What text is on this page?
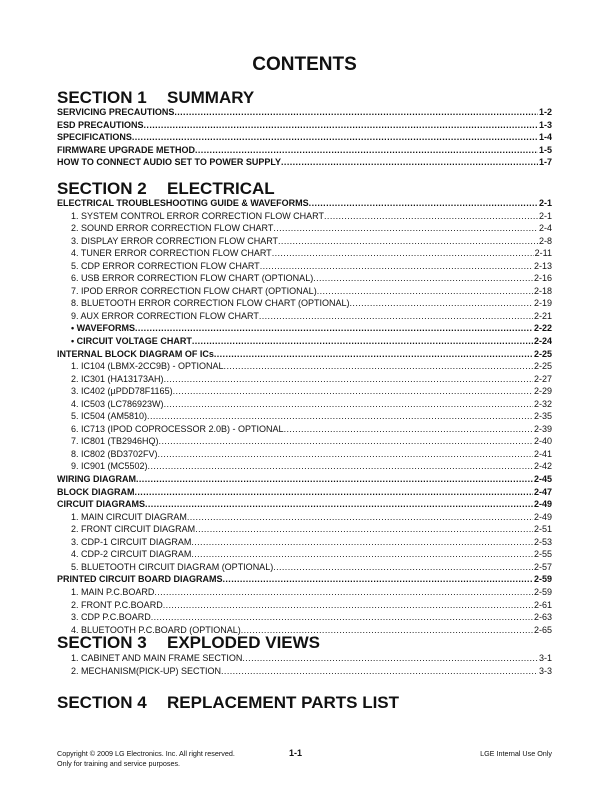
CONTENTS
SECTION 1 SUMMARY
SERVICING PRECAUTIONS .....	1-2
ESD PRECAUTIONS .....	1-3
SPECIFICATIONS .....	1-4
FIRMWARE UPGRADE METHOD .....	1-5
HOW TO CONNECT AUDIO SET TO POWER SUPPLY .....	1-7
SECTION 2 ELECTRICAL
ELECTRICAL TROUBLESHOOTING GUIDE & WAVEFORMS .....	2-1
1. SYSTEM CONTROL ERROR CORRECTION FLOW CHART .....	2-1
2. SOUND ERROR CORRECTION FLOW CHART .....	2-4
3. DISPLAY ERROR CORRECTION FLOW CHART .....	2-8
4. TUNER ERROR CORRECTION FLOW CHART .....	2-11
5. CDP ERROR CORRECTION FLOW CHART .....	2-13
6. USB ERROR CORRECTION FLOW CHART (OPTIONAL) .....	2-16
7. IPOD ERROR CORRECTION FLOW CHART (OPTIONAL) .....	2-18
8. BLUETOOTH ERROR CORRECTION FLOW CHART (OPTIONAL) .....	2-19
9. AUX ERROR CORRECTION FLOW CHART .....	2-21
• WAVEFORMS .....	2-22
• CIRCUIT VOLTAGE CHART .....	2-24
INTERNAL BLOCK DIAGRAM OF ICs .....	2-25
1. IC104 (LBMX-2CC9B) - OPTIONAL .....	2-25
2. IC301 (HA13173AH) .....	2-27
3. IC402 (µPDD78F1165) .....	2-29
4. IC503 (LC786923W) .....	2-32
5. IC504 (AM5810) .....	2-35
6. IC713 (IPOD COPROCESSOR 2.0B) - OPTIONAL .....	2-39
7. IC801 (TB2946HQ) .....	2-40
8. IC802 (BD3702FV) .....	2-41
9. IC901 (MC5502) .....	2-42
WIRING DIAGRAM .....	2-45
BLOCK DIAGRAM .....	2-47
CIRCUIT DIAGRAMS .....	2-49
1. MAIN CIRCUIT DIAGRAM .....	2-49
2. FRONT CIRCUIT DIAGRAM .....	2-51
3. CDP-1 CIRCUIT DIAGRAM .....	2-53
4. CDP-2 CIRCUIT DIAGRAM .....	2-55
5. BLUETOOTH CIRCUIT DIAGRAM (OPTIONAL) .....	2-57
PRINTED CIRCUIT BOARD DIAGRAMS .....	2-59
1. MAIN P.C.BOARD .....	2-59
2. FRONT P.C.BOARD .....	2-61
3. CDP P.C.BOARD .....	2-63
4. BLUETOOTH P.C.BOARD (OPTIONAL) .....	2-65
SECTION 3 EXPLODED VIEWS
1. CABINET AND MAIN FRAME SECTION .....	3-1
2. MECHANISM(PICK-UP) SECTION .....	3-3
SECTION 4 REPLACEMENT PARTS LIST
Copyright © 2009 LG Electronics. Inc. All right reserved.
Only for training and service purposes.
1-1	LGE Internal Use Only
